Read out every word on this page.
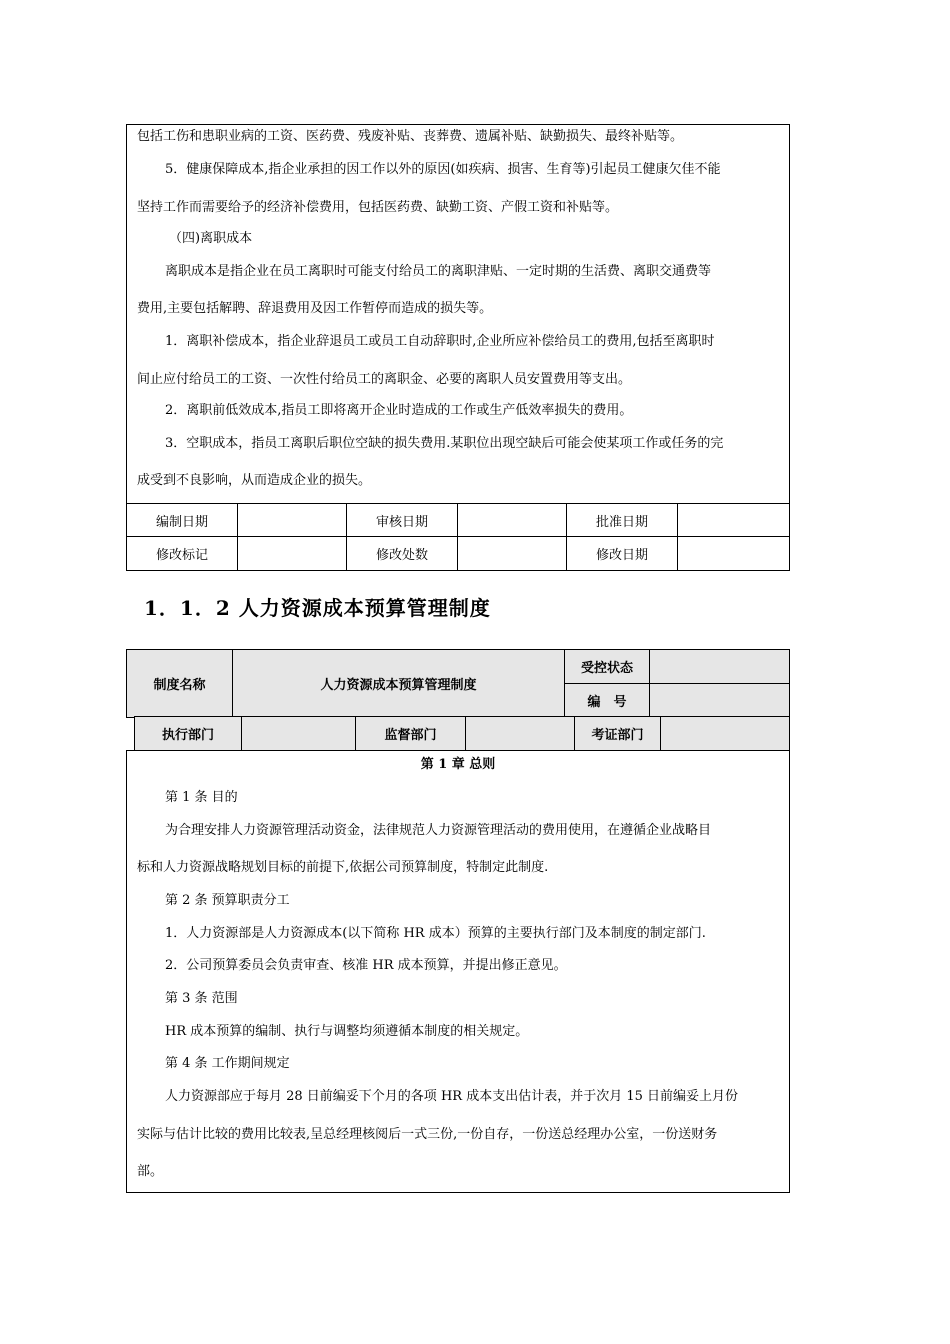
包括工伤和患职业病的工资、医药费、残废补贴、丧葬费、遗属补贴、缺勤损失、最终补贴等。
5．健康保障成本,指企业承担的因工作以外的原因(如疾病、损害、生育等)引起员工健康欠佳不能
坚持工作而需要给予的经济补偿费用，包括医药费、缺勤工资、产假工资和补贴等。
（四)离职成本
离职成本是指企业在员工离职时可能支付给员工的离职津贴、一定时期的生活费、离职交通费等
费用,主要包括解聘、辞退费用及因工作暂停而造成的损失等。
1．离职补偿成本，指企业辞退员工或员工自动辞职时,企业所应补偿给员工的费用,包括至离职时
间止应付给员工的工资、一次性付给员工的离职金、必要的离职人员安置费用等支出。
2．离职前低效成本,指员工即将离开企业时造成的工作或生产低效率损失的费用。
3．空职成本，指员工离职后职位空缺的损失费用.某职位出现空缺后可能会使某项工作或任务的完
成受到不良影响，从而造成企业的损失。
编制日期		审核日期		批准日期	
修改标记		修改处数		修改日期	
1．1．2 人力资源成本预算管理制度
制度名称	人力资源成本预算管理制度	受控状态	
		编　号	
执行部门		监督部门		考证部门	
第 1 章 总则
第 1 条 目的
为合理安排人力资源管理活动资金，法律规范人力资源管理活动的费用使用，在遵循企业战略目
标和人力资源战略规划目标的前提下,依据公司预算制度，特制定此制度.
第 2 条 预算职责分工
1．人力资源部是人力资源成本(以下简称 HR 成本）预算的主要执行部门及本制度的制定部门.
2．公司预算委员会负责审查、核准 HR 成本预算，并提出修正意见。
第 3 条 范围
HR 成本预算的编制、执行与调整均须遵循本制度的相关规定。
第 4 条 工作期间规定
人力资源部应于每月 28 日前编妥下个月的各项 HR 成本支出估计表，并于次月 15 日前编妥上月份
实际与估计比较的费用比较表,呈总经理核阅后一式三份,一份自存，一份送总经理办公室，一份送财务
部。
